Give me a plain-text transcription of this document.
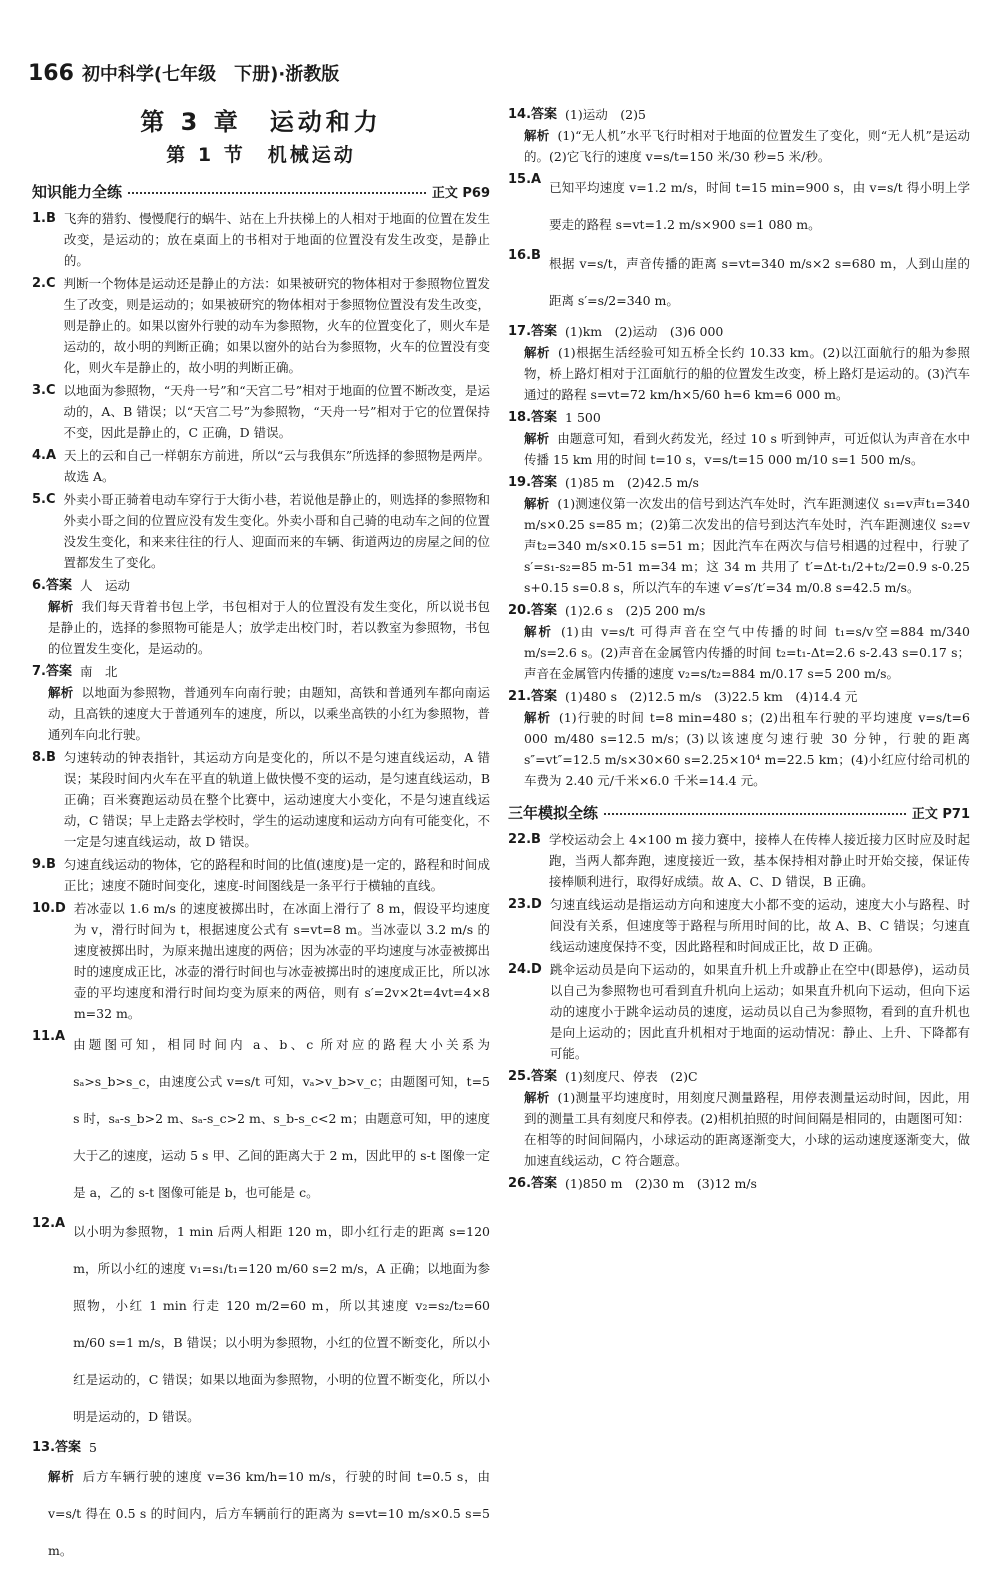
166 初中科学(七年级　下册)·浙教版
第 3 章　运动和力
第 1 节　机械运动
知识能力全练	正文 P69
1.B 飞奔的猎豹、慢慢爬行的蜗牛、站在上升扶梯上的人相对于地面的位置在发生改变，是运动的；放在桌面上的书相对于地面的位置没有发生改变，是静止的。
2.C 判断一个物体是运动还是静止的方法：如果被研究的物体相对于参照物位置发生了改变，则是运动的；如果被研究的物体相对于参照物位置没有发生改变，则是静止的。如果以窗外行驶的动车为参照物，火车的位置变化了，则火车是运动的，故小明的判断正确；如果以窗外的站台为参照物，火车的位置没有变化，则火车是静止的，故小明的判断正确。
3.C 以地面为参照物，“天舟一号”和“天宫二号”相对于地面的位置不断改变，是运动的，A、B 错误；以“天宫二号”为参照物，“天舟一号”相对于它的位置保持不变，因此是静止的，C 正确，D 错误。
4.A 天上的云和自己一样朝东方前进，所以“云与我俱东”所选择的参照物是两岸。故选 A。
5.C 外卖小哥正骑着电动车穿行于大街小巷，若说他是静止的，则选择的参照物和外卖小哥之间的位置应没有发生变化。外卖小哥和自己骑的电动车之间的位置没发生变化，和来来往往的行人、迎面而来的车辆、街道两边的房屋之间的位置都发生了变化。
6.答案 人　运动
解析 我们每天背着书包上学，书包相对于人的位置没有发生变化，所以说书包是静止的，选择的参照物可能是人；放学走出校门时，若以教室为参照物，书包的位置发生变化，是运动的。
7.答案 南　北
解析 以地面为参照物，普通列车向南行驶；由题知，高铁和普通列车都向南运动，且高铁的速度大于普通列车的速度，所以，以乘坐高铁的小红为参照物，普通列车向北行驶。
8.B 匀速转动的钟表指针，其运动方向是变化的，所以不是匀速直线运动，A 错误；某段时间内火车在平直的轨道上做快慢不变的运动，是匀速直线运动，B 正确；百米赛跑运动员在整个比赛中，运动速度大小变化，不是匀速直线运动，C 错误；早上走路去学校时，学生的运动速度和运动方向有可能变化，不一定是匀速直线运动，故 D 错误。
9.B 匀速直线运动的物体，它的路程和时间的比值(速度)是一定的，路程和时间成正比；速度不随时间变化，速度-时间图线是一条平行于横轴的直线。
10.D 若冰壶以 1.6 m/s 的速度被掷出时，在冰面上滑行了 8 m，假设平均速度为 v，滑行时间为 t，根据速度公式有 s=vt=8 m。当冰壶以 3.2 m/s 的速度被掷出时，为原来抛出速度的两倍；因为冰壶的平均速度与冰壶被掷出时的速度成正比，冰壶的滑行时间也与冰壶被掷出时的速度成正比，所以冰壶的平均速度和滑行时间均变为原来的两倍，则有 s′=2v×2t=4vt=4×8 m=32 m。
11.A
由题图可知，相同时间内 a、b、c 所对应的路程大小关系为 sₐ>s_b>s_c，由速度公式 v=s/t 可知，vₐ>v_b>v_c；由题图可知，t=5 s 时，sₐ-s_b>2 m、sₐ-s_c>2 m、s_b-s_c<2 m；由题意可知，甲的速度大于乙的速度，运动 5 s 甲、乙间的距离大于 2 m，因此甲的 s-t 图像一定是 a，乙的 s-t 图像可能是 b，也可能是 c。
12.A
以小明为参照物，1 min 后两人相距 120 m，即小红行走的距离 s=120 m，所以小红的速度 v₁=s₁/t₁=120 m/60 s=2 m/s，A 正确；以地面为参照物，小红 1 min 行走 120 m/2=60 m，所以其速度 v₂=s₂/t₂=60 m/60 s=1 m/s，B 错误；以小明为参照物，小红的位置不断变化，所以小红是运动的，C 错误；如果以地面为参照物，小明的位置不断变化，所以小明是运动的，D 错误。
13.答案 5
解析 后方车辆行驶的速度 v=36 km/h=10 m/s，行驶的时间 t=0.5 s，由 v=s/t 得在 0.5 s 的时间内，后方车辆前行的距离为 s=vt=10 m/s×0.5 s=5 m。
14.答案 (1)运动　(2)5
解析 (1)“无人机”水平飞行时相对于地面的位置发生了变化，则“无人机”是运动的。(2)它飞行的速度 v=s/t=150 米/30 秒=5 米/秒。
15.A
已知平均速度 v=1.2 m/s，时间 t=15 min=900 s，由 v=s/t 得小明上学要走的路程 s=vt=1.2 m/s×900 s=1 080 m。
16.B
根据 v=s/t，声音传播的距离 s=vt=340 m/s×2 s=680 m，人到山崖的距离 s′=s/2=340 m。
17.答案 (1)km　(2)运动　(3)6 000
解析 (1)根据生活经验可知五桥全长约 10.33 km。(2)以江面航行的船为参照物，桥上路灯相对于江面航行的船的位置发生改变，桥上路灯是运动的。(3)汽车通过的路程 s=vt=72 km/h×5/60 h=6 km=6 000 m。
18.答案 1 500
解析 由题意可知，看到火药发光，经过 10 s 听到钟声，可近似认为声音在水中传播 15 km 用的时间 t=10 s，v=s/t=15 000 m/10 s=1 500 m/s。
19.答案 (1)85 m　(2)42.5 m/s
解析 (1)测速仪第一次发出的信号到达汽车处时，汽车距测速仪 s₁=v声t₁=340 m/s×0.25 s=85 m；(2)第二次发出的信号到达汽车处时，汽车距测速仪 s₂=v声t₂=340 m/s×0.15 s=51 m；因此汽车在两次与信号相遇的过程中，行驶了 s′=s₁-s₂=85 m-51 m=34 m；这 34 m 共用了 t′=Δt-t₁/2+t₂/2=0.9 s-0.25 s+0.15 s=0.8 s，所以汽车的车速 v′=s′/t′=34 m/0.8 s=42.5 m/s。
20.答案 (1)2.6 s　(2)5 200 m/s
解析 (1)由 v=s/t 可得声音在空气中传播的时间 t₁=s/v空=884 m/340 m/s=2.6 s。(2)声音在金属管内传播的时间 t₂=t₁-Δt=2.6 s-2.43 s=0.17 s；声音在金属管内传播的速度 v₂=s/t₂=884 m/0.17 s=5 200 m/s。
21.答案 (1)480 s　(2)12.5 m/s　(3)22.5 km　(4)14.4 元
解析 (1)行驶的时间 t=8 min=480 s；(2)出租车行驶的平均速度 v=s/t=6 000 m/480 s=12.5 m/s；(3)以该速度匀速行驶 30 分钟，行驶的距离 s″=vt″=12.5 m/s×30×60 s=2.25×10⁴ m=22.5 km；(4)小红应付给司机的车费为 2.40 元/千米×6.0 千米=14.4 元。
三年模拟全练	正文 P71
22.B 学校运动会上 4×100 m 接力赛中，接棒人在传棒人接近接力区时应及时起跑，当两人都奔跑，速度接近一致，基本保持相对静止时开始交接，保证传接棒顺利进行，取得好成绩。故 A、C、D 错误，B 正确。
23.D 匀速直线运动是指运动方向和速度大小都不变的运动，速度大小与路程、时间没有关系，但速度等于路程与所用时间的比，故 A、B、C 错误；匀速直线运动速度保持不变，因此路程和时间成正比，故 D 正确。
24.D 跳伞运动员是向下运动的，如果直升机上升或静止在空中(即悬停)，运动员以自己为参照物也可看到直升机向上运动；如果直升机向下运动，但向下运动的速度小于跳伞运动员的速度，运动员以自己为参照物，看到的直升机也是向上运动的；因此直升机相对于地面的运动情况：静止、上升、下降都有可能。
25.答案 (1)刻度尺、停表　(2)C
解析 (1)测量平均速度时，用刻度尺测量路程，用停表测量运动时间，因此，用到的测量工具有刻度尺和停表。(2)相机拍照的时间间隔是相同的，由题图可知：在相等的时间间隔内，小球运动的距离逐渐变大，小球的运动速度逐渐变大，做加速直线运动，C 符合题意。
26.答案 (1)850 m　(2)30 m　(3)12 m/s
